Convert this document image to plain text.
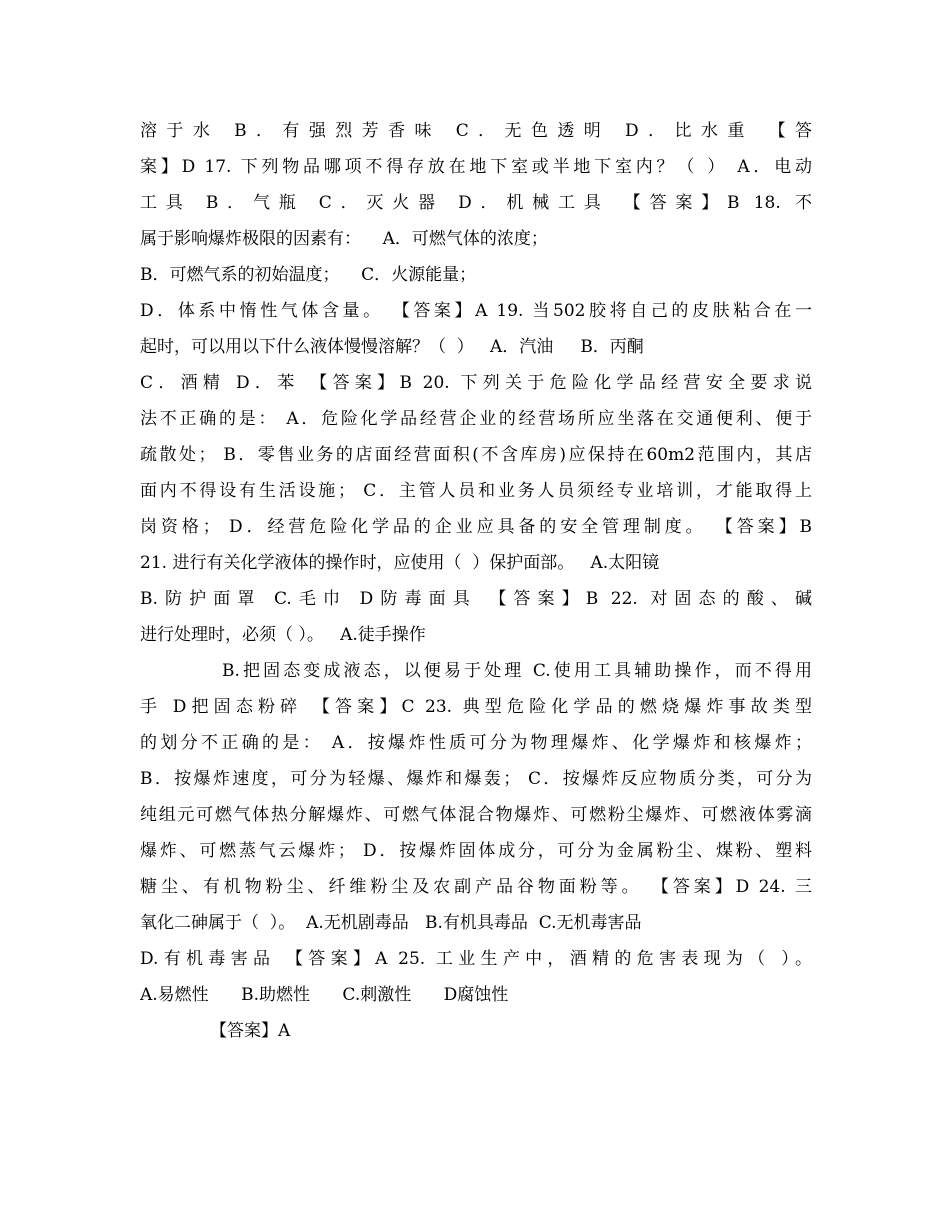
溶于水 B．有强烈芳香味 C．无色透明 D．比水重 【答
案】D 17. 下列物品哪项不得存放在地下室或半地下室内？（ ） A．电动
工具 B．气瓶 C．灭火器 D．机械工具 【答案】B 18. 不
属于影响爆炸极限的因素有：    A．可燃气体的浓度；
B．可燃气系的初始温度；    C．火源能量；
D．体系中惰性气体含量。 【答案】A 19. 当502胶将自己的皮肤粘合在一
起时，可以用以下什么液体慢慢溶解？（  ）   A．汽油     B．丙酮
C．酒精 D．苯 【答案】B 20. 下列关于危险化学品经营安全要求说
法不正确的是： A．危险化学品经营企业的经营场所应坐落在交通便利、便于
疏散处； B．零售业务的店面经营面积(不含库房)应保持在60m2范围内，其店
面内不得设有生活设施； C．主管人员和业务人员须经专业培训，才能取得上
岗资格； D．经营危险化学品的企业应具备的安全管理制度。 【答案】B
21. 进行有关化学液体的操作时，应使用（  ）保护面部。   A.太阳镜
B.防护面罩 C.毛巾 D防毒面具 【答案】B 22. 对固态的酸、碱
进行处理时，必须（ ）。   A.徒手操作
B.把固态变成液态，以便易于处理 C.使用工具辅助操作，而不得用
手 D把固态粉碎 【答案】C 23. 典型危险化学品的燃烧爆炸事故类型
的划分不正确的是： A．按爆炸性质可分为物理爆炸、化学爆炸和核爆炸；
B．按爆炸速度，可分为轻爆、爆炸和爆轰； C．按爆炸反应物质分类，可分为
纯组元可燃气体热分解爆炸、可燃气体混合物爆炸、可燃粉尘爆炸、可燃液体雾滴
爆炸、可燃蒸气云爆炸； D．按爆炸固体成分，可分为金属粉尘、煤粉、塑料
糖尘、有机物粉尘、纤维粉尘及农副产品谷物面粉等。 【答案】D 24. 三
氧化二砷属于（  ）。  A.无机剧毒品   B.有机具毒品  C.无机毒害品
D.有机毒害品 【答案】A 25. 工业生产中，酒精的危害表现为（ ）。
A.易燃性      B.助燃性      C.刺激性      D腐蚀性
【答案】A
